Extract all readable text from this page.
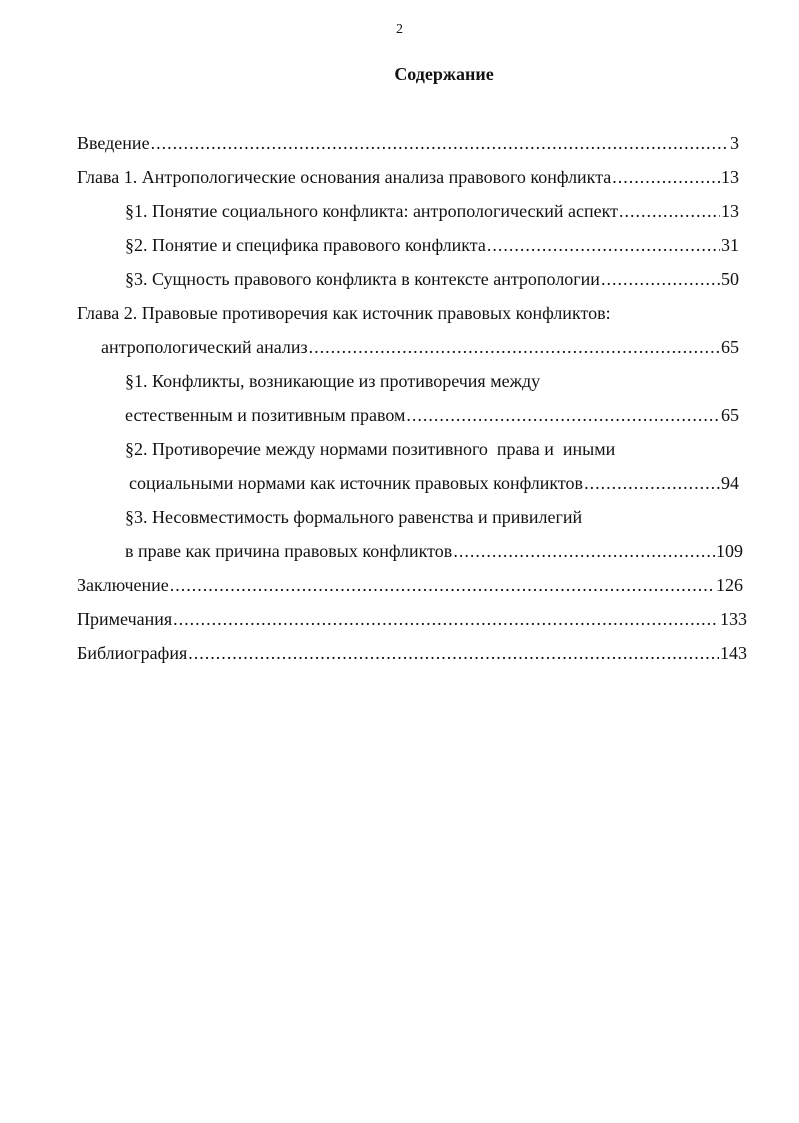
2
Содержание
Введение .....	3
Глава 1. Антропологические основания анализа правового конфликта .....	13
§1. Понятие социального конфликта: антропологический аспект .....	13
§2. Понятие и специфика правового конфликта .....	31
§3. Сущность правового конфликта в контексте антропологии .....	50
Глава 2. Правовые противоречия как источник правовых конфликтов:
антропологический анализ .....	65
§1. Конфликты, возникающие из противоречия между
естественным и позитивным правом .....	65
§2. Противоречие между нормами позитивного  права и  иными
социальными нормами как источник правовых конфликтов .....	94
§3. Несовместимость формального равенства и привилегий
в праве как причина правовых конфликтов .....	109
Заключение .....	126
Примечания .....	133
Библиография .....	143
